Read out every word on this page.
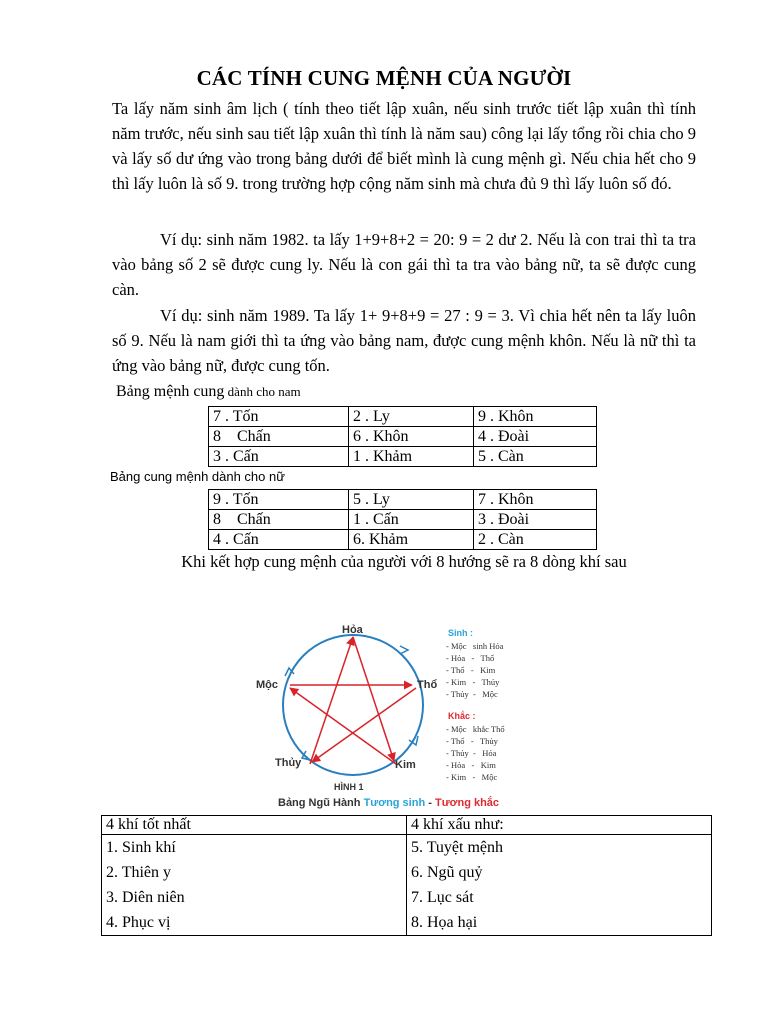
CÁC TÍNH CUNG MỆNH CỦA NGƯỜI

Ta lấy năm sinh âm lịch ( tính theo tiết lập xuân, nếu sinh trước tiết lập xuân thì tính năm trước, nếu sinh sau tiết lập xuân thì tính là năm sau) công lại lấy tổng rồi chia cho 9 và lấy số dư ứng vào trong bảng dưới để biết mình là cung mệnh gì. Nếu chia hết cho 9 thì lấy luôn là số 9. trong trường hợp cộng năm sinh mà chưa đủ 9 thì lấy luôn số đó.

Ví dụ: sinh năm 1982. ta lấy 1+9+8+2 = 20: 9 = 2 dư 2. Nếu là con trai thì ta tra vào bảng số 2 sẽ được cung ly. Nếu là con gái thì ta tra vào bảng nữ, ta sẽ được cung càn.

Ví dụ: sinh năm 1989. Ta lấy 1+ 9+8+9 = 27 : 9 = 3. Vì chia hết nên ta lấy luôn số 9. Nếu là nam giới thì ta ứng vào bảng nam, được cung mệnh khôn. Nếu là nữ thì ta ứng vào bảng nữ, được cung tốn.

Bảng mệnh cung dành cho nam
7 . Tốn	2 . Ly	9 . Khôn
8    Chấn	6 . Khôn	4 . Đoài
3 . Cấn	1 . Khảm	5 . Càn
Bảng cung mệnh dành cho nữ
9 . Tốn	5 . Ly	7 . Khôn
8    Chấn	1 . Cấn	3 . Đoài
4 . Cấn	6. Khảm	2 . Càn
Khi kết hợp cung mệnh của người với 8 hướng sẽ ra 8 dòng khí sau
Hỏa
Mộc	Thổ
Thủy	Kim
HÌNH 1
Sinh :
- Mộc   sinh Hỏa
- Hỏa   -   Thổ
- Thổ   -   Kim
- Kim   -   Thủy
- Thủy  -   Mộc
Khắc :
- Mộc   khắc Thổ
- Thổ   -   Thủy
- Thủy  -   Hỏa
- Hỏa   -   Kim
- Kim   -   Mộc
Bảng Ngũ Hành Tương sinh - Tương khắc
4 khí tốt nhất	4 khí xấu như:
1. Sinh khí	5. Tuyệt mệnh
2. Thiên y	6. Ngũ quỷ
3. Diên niên	7. Lục sát
4. Phục vị	8. Họa hại
